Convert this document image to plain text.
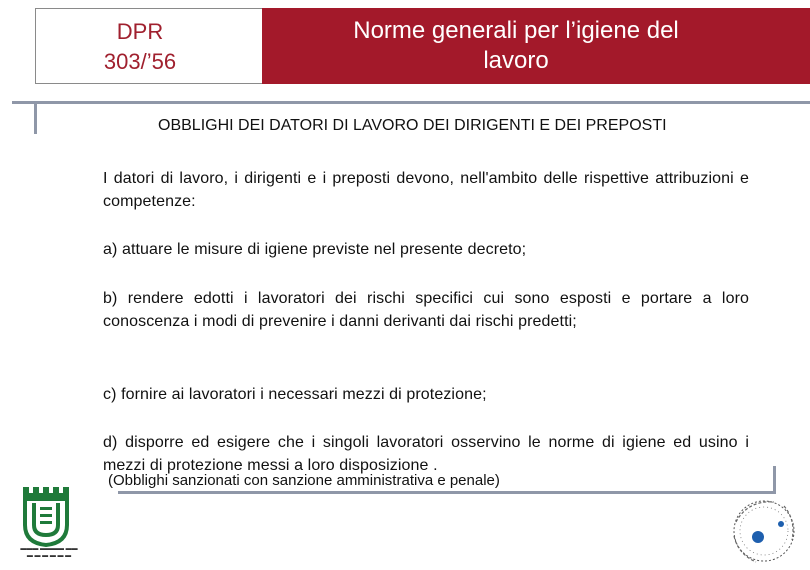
DPR
303/’56
Norme generali per l’igiene del
lavoro
OBBLIGHI DEI DATORI DI LAVORO DEI DIRIGENTI E DEI PREPOSTI
I datori di lavoro, i dirigenti e i preposti devono, nell'ambito delle rispettive attribuzioni e competenze:
a) attuare le misure di igiene previste nel presente decreto;
b) rendere edotti i lavoratori dei rischi specifici cui sono esposti e portare a loro conoscenza i modi di prevenire i danni derivanti dai rischi predetti;
c) fornire ai lavoratori i necessari mezzi di protezione;
d) disporre ed esigere che i singoli lavoratori osservino le norme di igiene ed usino i mezzi di protezione messi a loro disposizione .
(Obblighi sanzionati con sanzione amministrativa e penale)
▬▬▬ ▬▬▬▬ ▬▬
▬ ▬ ▬ ▬ ▬ ▬
